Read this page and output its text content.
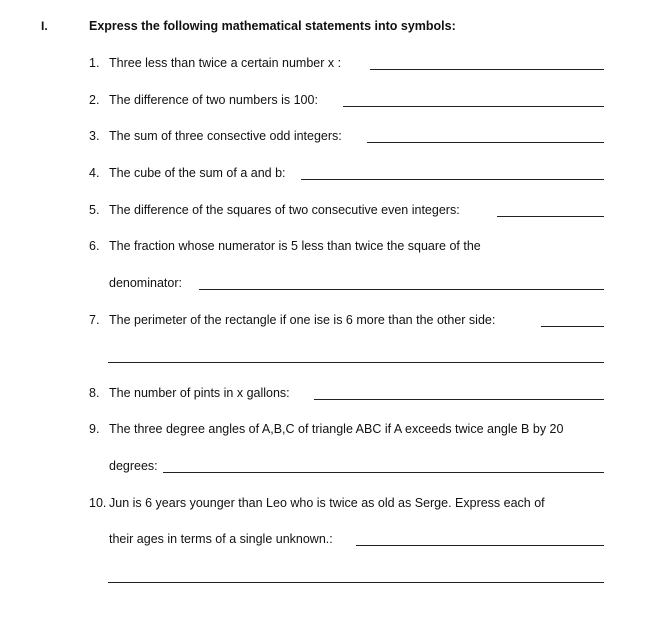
I.	Express the following mathematical statements into symbols:
1. Three less than twice a certain number x :
2. The difference of two numbers is 100:
3. The sum of three consective odd integers:
4. The cube of the sum of a and b:
5. The difference of the squares of two consecutive even integers:
6. The fraction whose numerator is 5 less than twice the square of the
denominator:
7. The perimeter of the rectangle if one ise is 6 more than the other side:
8. The number of pints in x gallons:
9. The three degree angles of A,B,C of triangle ABC if A exceeds twice angle B by 20
degrees:
10. Jun is 6 years younger than Leo who is twice as old as Serge. Express each of
their ages in terms of a single unknown.:
